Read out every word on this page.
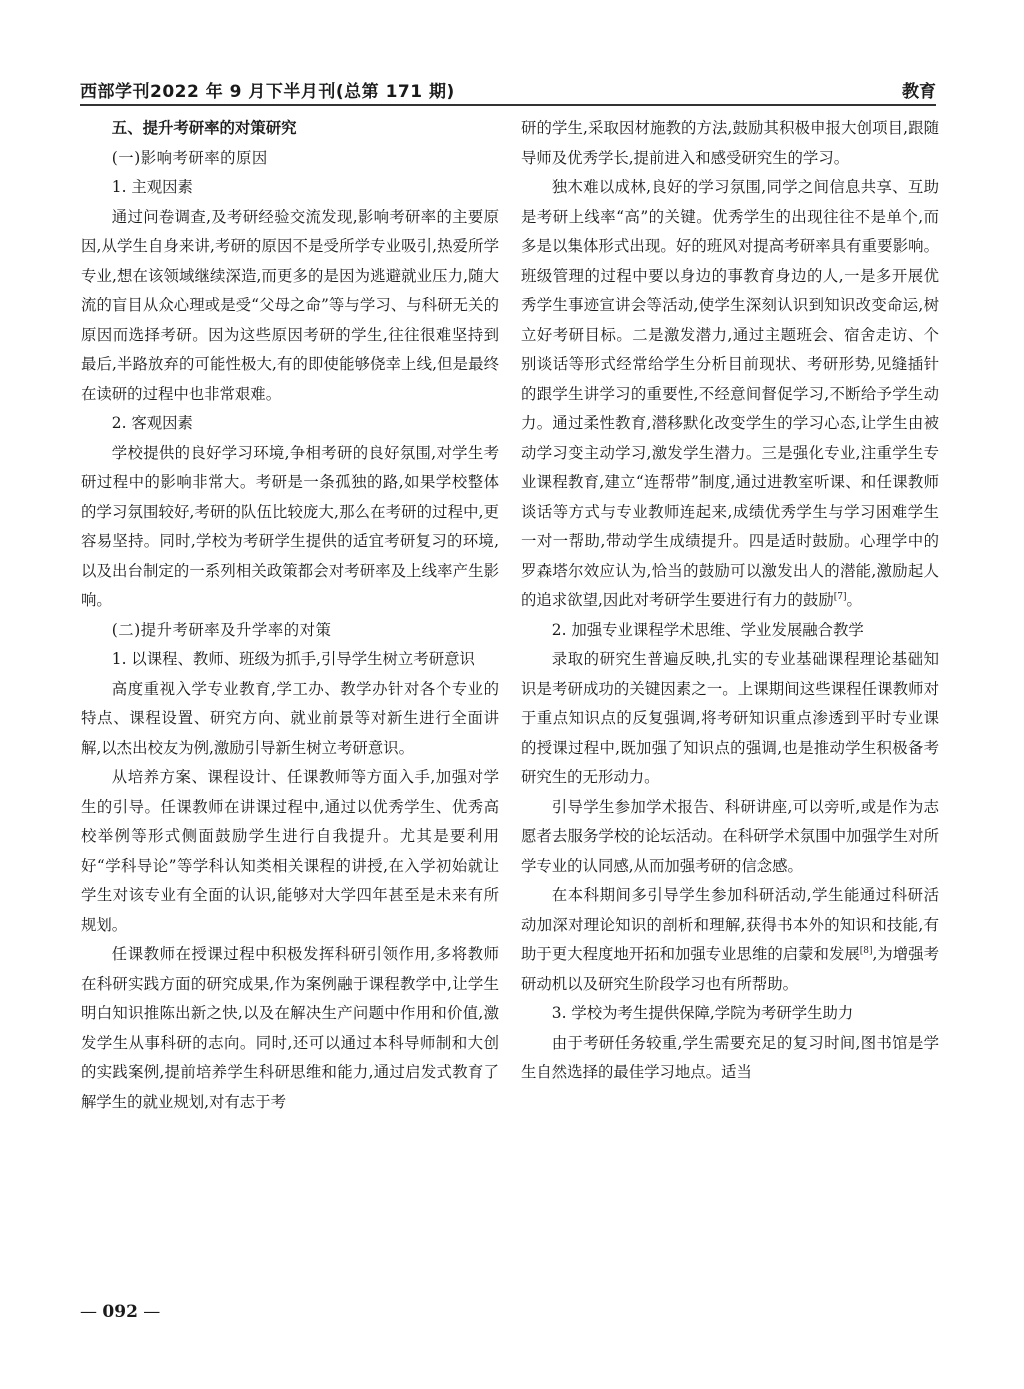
西部学刊2022 年 9 月下半月刊(总第 171 期)	教育

五、提升考研率的对策研究

(一)影响考研率的原因

1. 主观因素

通过问卷调查,及考研经验交流发现,影响考研率的主要原因,从学生自身来讲,考研的原因不是受所学专业吸引,热爱所学专业,想在该领域继续深造,而更多的是因为逃避就业压力,随大流的盲目从众心理或是受“父母之命”等与学习、与科研无关的原因而选择考研。因为这些原因考研的学生,往往很难坚持到最后,半路放弃的可能性极大,有的即使能够侥幸上线,但是最终在读研的过程中也非常艰难。

2. 客观因素

学校提供的良好学习环境,争相考研的良好氛围,对学生考研过程中的影响非常大。考研是一条孤独的路,如果学校整体的学习氛围较好,考研的队伍比较庞大,那么在考研的过程中,更容易坚持。同时,学校为考研学生提供的适宜考研复习的环境,以及出台制定的一系列相关政策都会对考研率及上线率产生影响。

(二)提升考研率及升学率的对策

1. 以课程、教师、班级为抓手,引导学生树立考研意识

高度重视入学专业教育,学工办、教学办针对各个专业的特点、课程设置、研究方向、就业前景等对新生进行全面讲解,以杰出校友为例,激励引导新生树立考研意识。

从培养方案、课程设计、任课教师等方面入手,加强对学生的引导。任课教师在讲课过程中,通过以优秀学生、优秀高校举例等形式侧面鼓励学生进行自我提升。尤其是要利用好“学科导论”等学科认知类相关课程的讲授,在入学初始就让学生对该专业有全面的认识,能够对大学四年甚至是未来有所规划。

任课教师在授课过程中积极发挥科研引领作用,多将教师在科研实践方面的研究成果,作为案例融于课程教学中,让学生明白知识推陈出新之快,以及在解决生产问题中作用和价值,激发学生从事科研的志向。同时,还可以通过本科导师制和大创的实践案例,提前培养学生科研思维和能力,通过启发式教育了解学生的就业规划,对有志于考

研的学生,采取因材施教的方法,鼓励其积极申报大创项目,跟随导师及优秀学长,提前进入和感受研究生的学习。

独木难以成林,良好的学习氛围,同学之间信息共享、互助是考研上线率“高”的关键。优秀学生的出现往往不是单个,而多是以集体形式出现。好的班风对提高考研率具有重要影响。班级管理的过程中要以身边的事教育身边的人,一是多开展优秀学生事迹宣讲会等活动,使学生深刻认识到知识改变命运,树立好考研目标。二是激发潜力,通过主题班会、宿舍走访、个别谈话等形式经常给学生分析目前现状、考研形势,见缝插针的跟学生讲学习的重要性,不经意间督促学习,不断给予学生动力。通过柔性教育,潜移默化改变学生的学习心态,让学生由被动学习变主动学习,激发学生潜力。三是强化专业,注重学生专业课程教育,建立“连帮带”制度,通过进教室听课、和任课教师谈话等方式与专业教师连起来,成绩优秀学生与学习困难学生一对一帮助,带动学生成绩提升。四是适时鼓励。心理学中的罗森塔尔效应认为,恰当的鼓励可以激发出人的潜能,激励起人的追求欲望,因此对考研学生要进行有力的鼓励[7]。

2. 加强专业课程学术思维、学业发展融合教学

录取的研究生普遍反映,扎实的专业基础课程理论基础知识是考研成功的关键因素之一。上课期间这些课程任课教师对于重点知识点的反复强调,将考研知识重点渗透到平时专业课的授课过程中,既加强了知识点的强调,也是推动学生积极备考研究生的无形动力。

引导学生参加学术报告、科研讲座,可以旁听,或是作为志愿者去服务学校的论坛活动。在科研学术氛围中加强学生对所学专业的认同感,从而加强考研的信念感。

在本科期间多引导学生参加科研活动,学生能通过科研活动加深对理论知识的剖析和理解,获得书本外的知识和技能,有助于更大程度地开拓和加强专业思维的启蒙和发展[8],为增强考研动机以及研究生阶段学习也有所帮助。

3. 学校为考生提供保障,学院为考研学生助力

由于考研任务较重,学生需要充足的复习时间,图书馆是学生自然选择的最佳学习地点。适当

— 092 —
